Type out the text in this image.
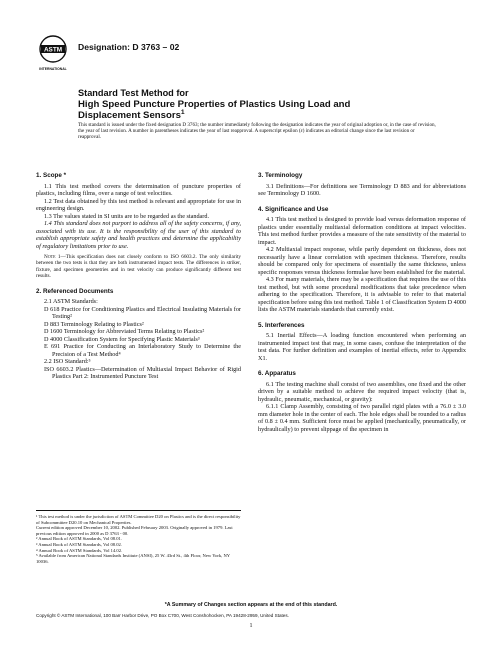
ASTM
INTERNATIONAL
Designation: D 3763 – 02
Standard Test Method for
High Speed Puncture Properties of Plastics Using Load and
Displacement Sensors$^1$
This standard is issued under the fixed designation D 3763; the number immediately following the designation indicates the year of original adoption or, in the case of revision, the year of last revision. A number in parentheses indicates the year of last reapproval. A superscript epsilon (ε) indicates an editorial change since the last revision or reapproval.

1. Scope *

1.1 This test method covers the determination of puncture properties of plastics, including films, over a range of test velocities.

1.2 Test data obtained by this test method is relevant and appropriate for use in engineering design.

1.3 The values stated in SI units are to be regarded as the standard.

1.4 This standard does not purport to address all of the safety concerns, if any, associated with its use. It is the responsibility of the user of this standard to establish appropriate safety and health practices and determine the applicability of regulatory limitations prior to use.

Note 1—This specification does not closely conform to ISO 6603.2. The only similarity between the two tests is that they are both instrumented impact tests. The differences in striker, fixture, and specimen geometries and in test velocity can produce significantly different test results.

2. Referenced Documents

2.1 ASTM Standards:

D 618 Practice for Conditioning Plastics and Electrical Insulating Materials for Testing²

D 883 Terminology Relating to Plastics²

D 1600 Terminology for Abbreviated Terms Relating to Plastics²

D 4000 Classification System for Specifying Plastic Materials³

E 691 Practice for Conducting an Interlaboratory Study to Determine the Precision of a Test Method⁴

2.2 ISO Standard:⁵

ISO 6603.2 Plastics—Determination of Multiaxial Impact Behavior of Rigid Plastics Part 2: Instrumented Puncture Test

¹ This test method is under the jurisdiction of ASTM Committee D20 on Plastics and is the direct responsibility of Subcommittee D20.10 on Mechanical Properties.

Current edition approved December 10, 2002. Published February 2003. Originally approved in 1979. Last previous edition approved in 2000 as D 3763 - 00.

² Annual Book of ASTM Standards, Vol 08.01.

³ Annual Book of ASTM Standards, Vol 08.02.

⁴ Annual Book of ASTM Standards, Vol 14.02.

⁵ Available from American National Standards Institute (ANSI), 25 W. 43rd St., 4th Floor, New York, NY 10036.

3. Terminology

3.1 Definitions—For definitions see Terminology D 883 and for abbreviations see Terminology D 1600.

4. Significance and Use

4.1 This test method is designed to provide load versus deformation response of plastics under essentially multiaxial deformation conditions at impact velocities. This test method further provides a measure of the rate sensitivity of the material to impact.

4.2 Multiaxial impact response, while partly dependent on thickness, does not necessarily have a linear correlation with specimen thickness. Therefore, results should be compared only for specimens of essentially the same thickness, unless specific responses versus thickness formulae have been established for the material.

4.3 For many materials, there may be a specification that requires the use of this test method, but with some procedural modifications that take precedence when adhering to the specification. Therefore, it is advisable to refer to that material specification before using this test method. Table 1 of Classification System D 4000 lists the ASTM materials standards that currently exist.

5. Interferences

5.1 Inertial Effects—A loading function encountered when performing an instrumented impact test that may, in some cases, confuse the interpretation of the test data. For further definition and examples of inertial effects, refer to Appendix X1.

6. Apparatus

6.1 The testing machine shall consist of two assemblies, one fixed and the other driven by a suitable method to achieve the required impact velocity (that is, hydraulic, pneumatic, mechanical, or gravity):

6.1.1 Clamp Assembly, consisting of two parallel rigid plates with a 76.0 ± 3.0 mm diameter hole in the center of each. The hole edges shall be rounded to a radius of 0.8 ± 0.4 mm. Sufficient force must be applied (mechanically, pneumatically, or hydraulically) to prevent slippage of the specimen in

*A Summary of Changes section appears at the end of this standard.
Copyright © ASTM International, 100 Barr Harbor Drive, PO Box C700, West Conshohocken, PA 19428-2959, United States.
1
